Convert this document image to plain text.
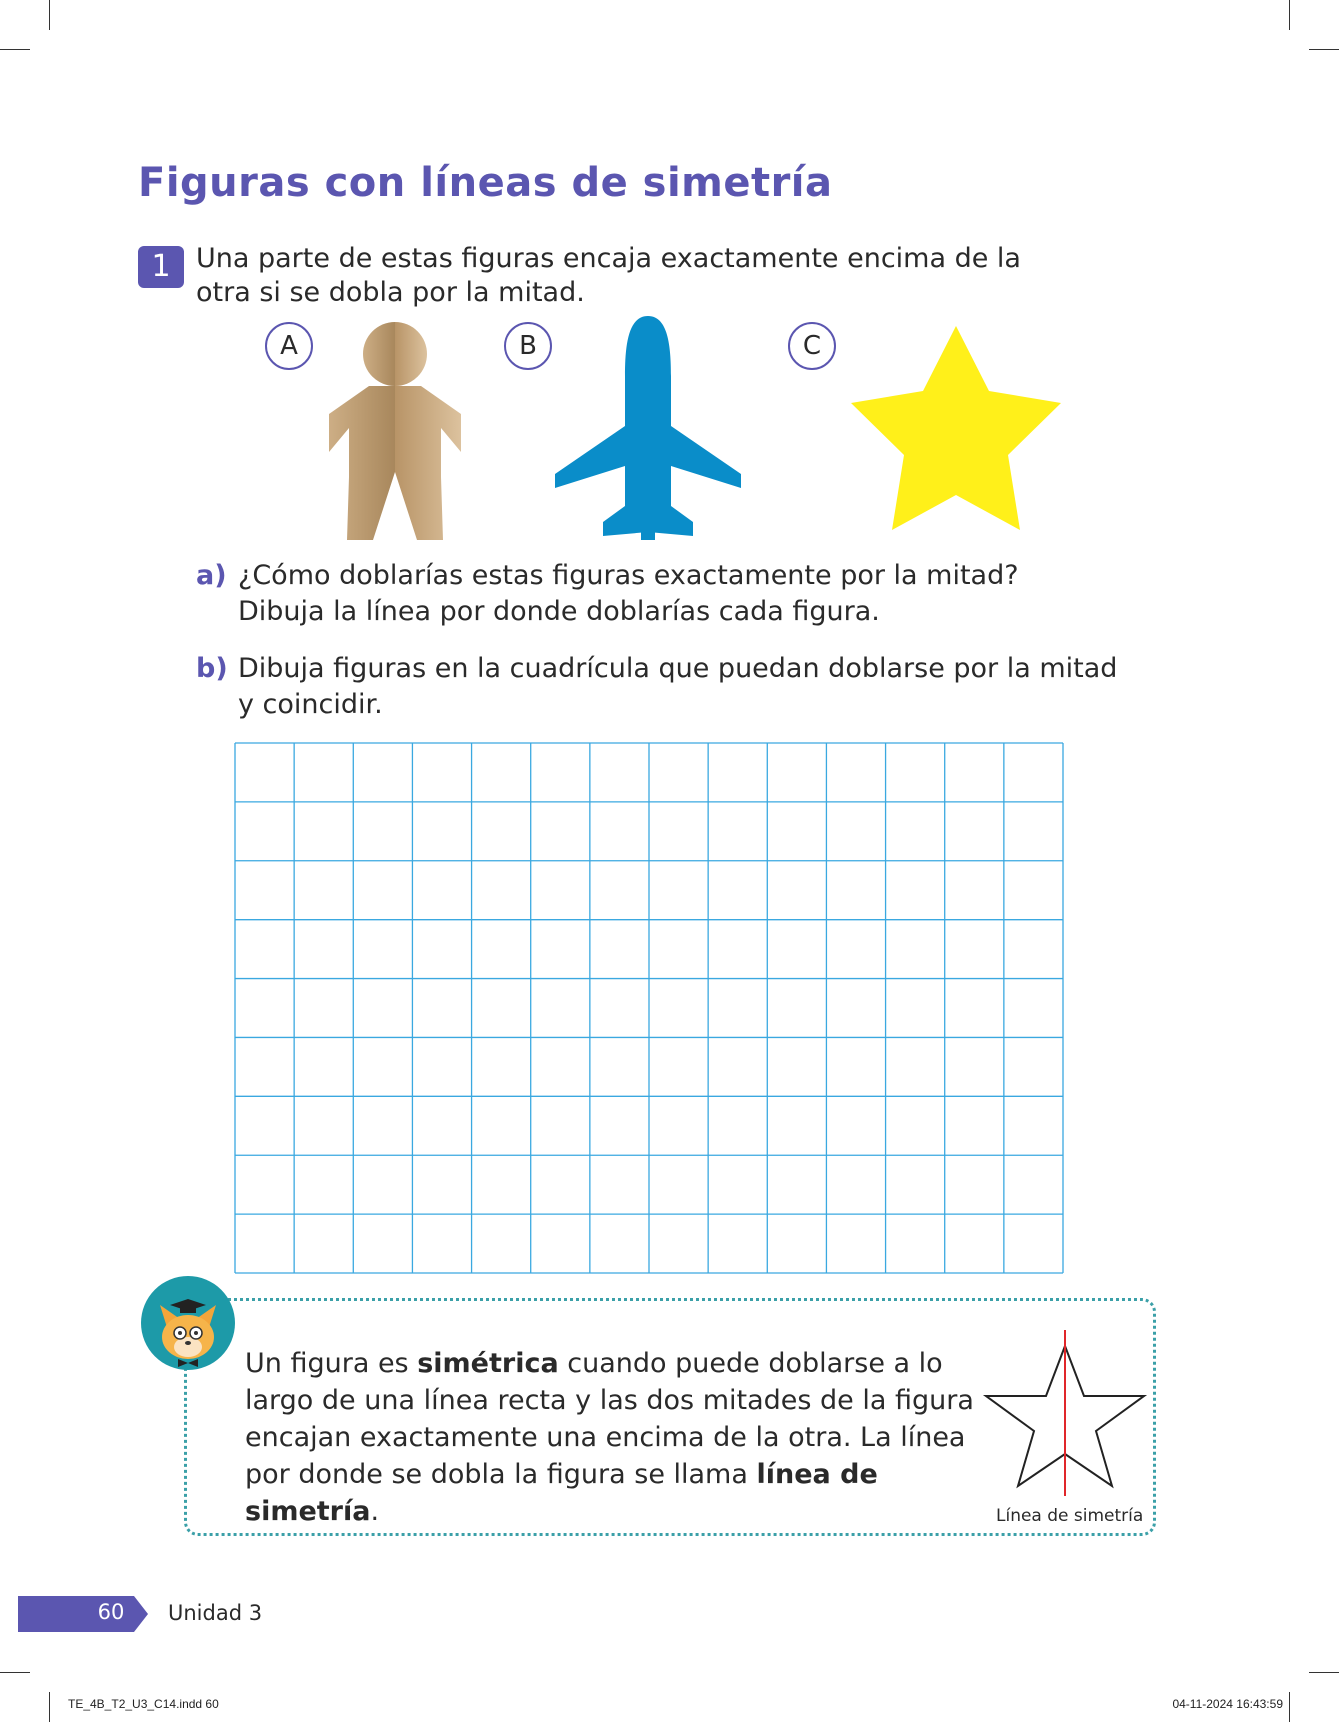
Figuras con líneas de simetría
1 Una parte de estas figuras encaja exactamente encima de la otra si se dobla por la mitad.
A	B	C
a) ¿Cómo doblarías estas figuras exactamente por la mitad?
Dibuja la línea por donde doblarías cada figura.
b) Dibuja figuras en la cuadrícula que puedan doblarse por la mitad
y coincidir.
Un figura es simétrica cuando puede doblarse a lo largo de una línea recta y las dos mitades de la figura encajan exactamente una encima de la otra. La línea por donde se dobla la figura se llama línea de simetría.	Línea de simetría
60 Unidad 3
TE_4B_T2_U3_C14.indd 60	04-11-2024 16:43:59
